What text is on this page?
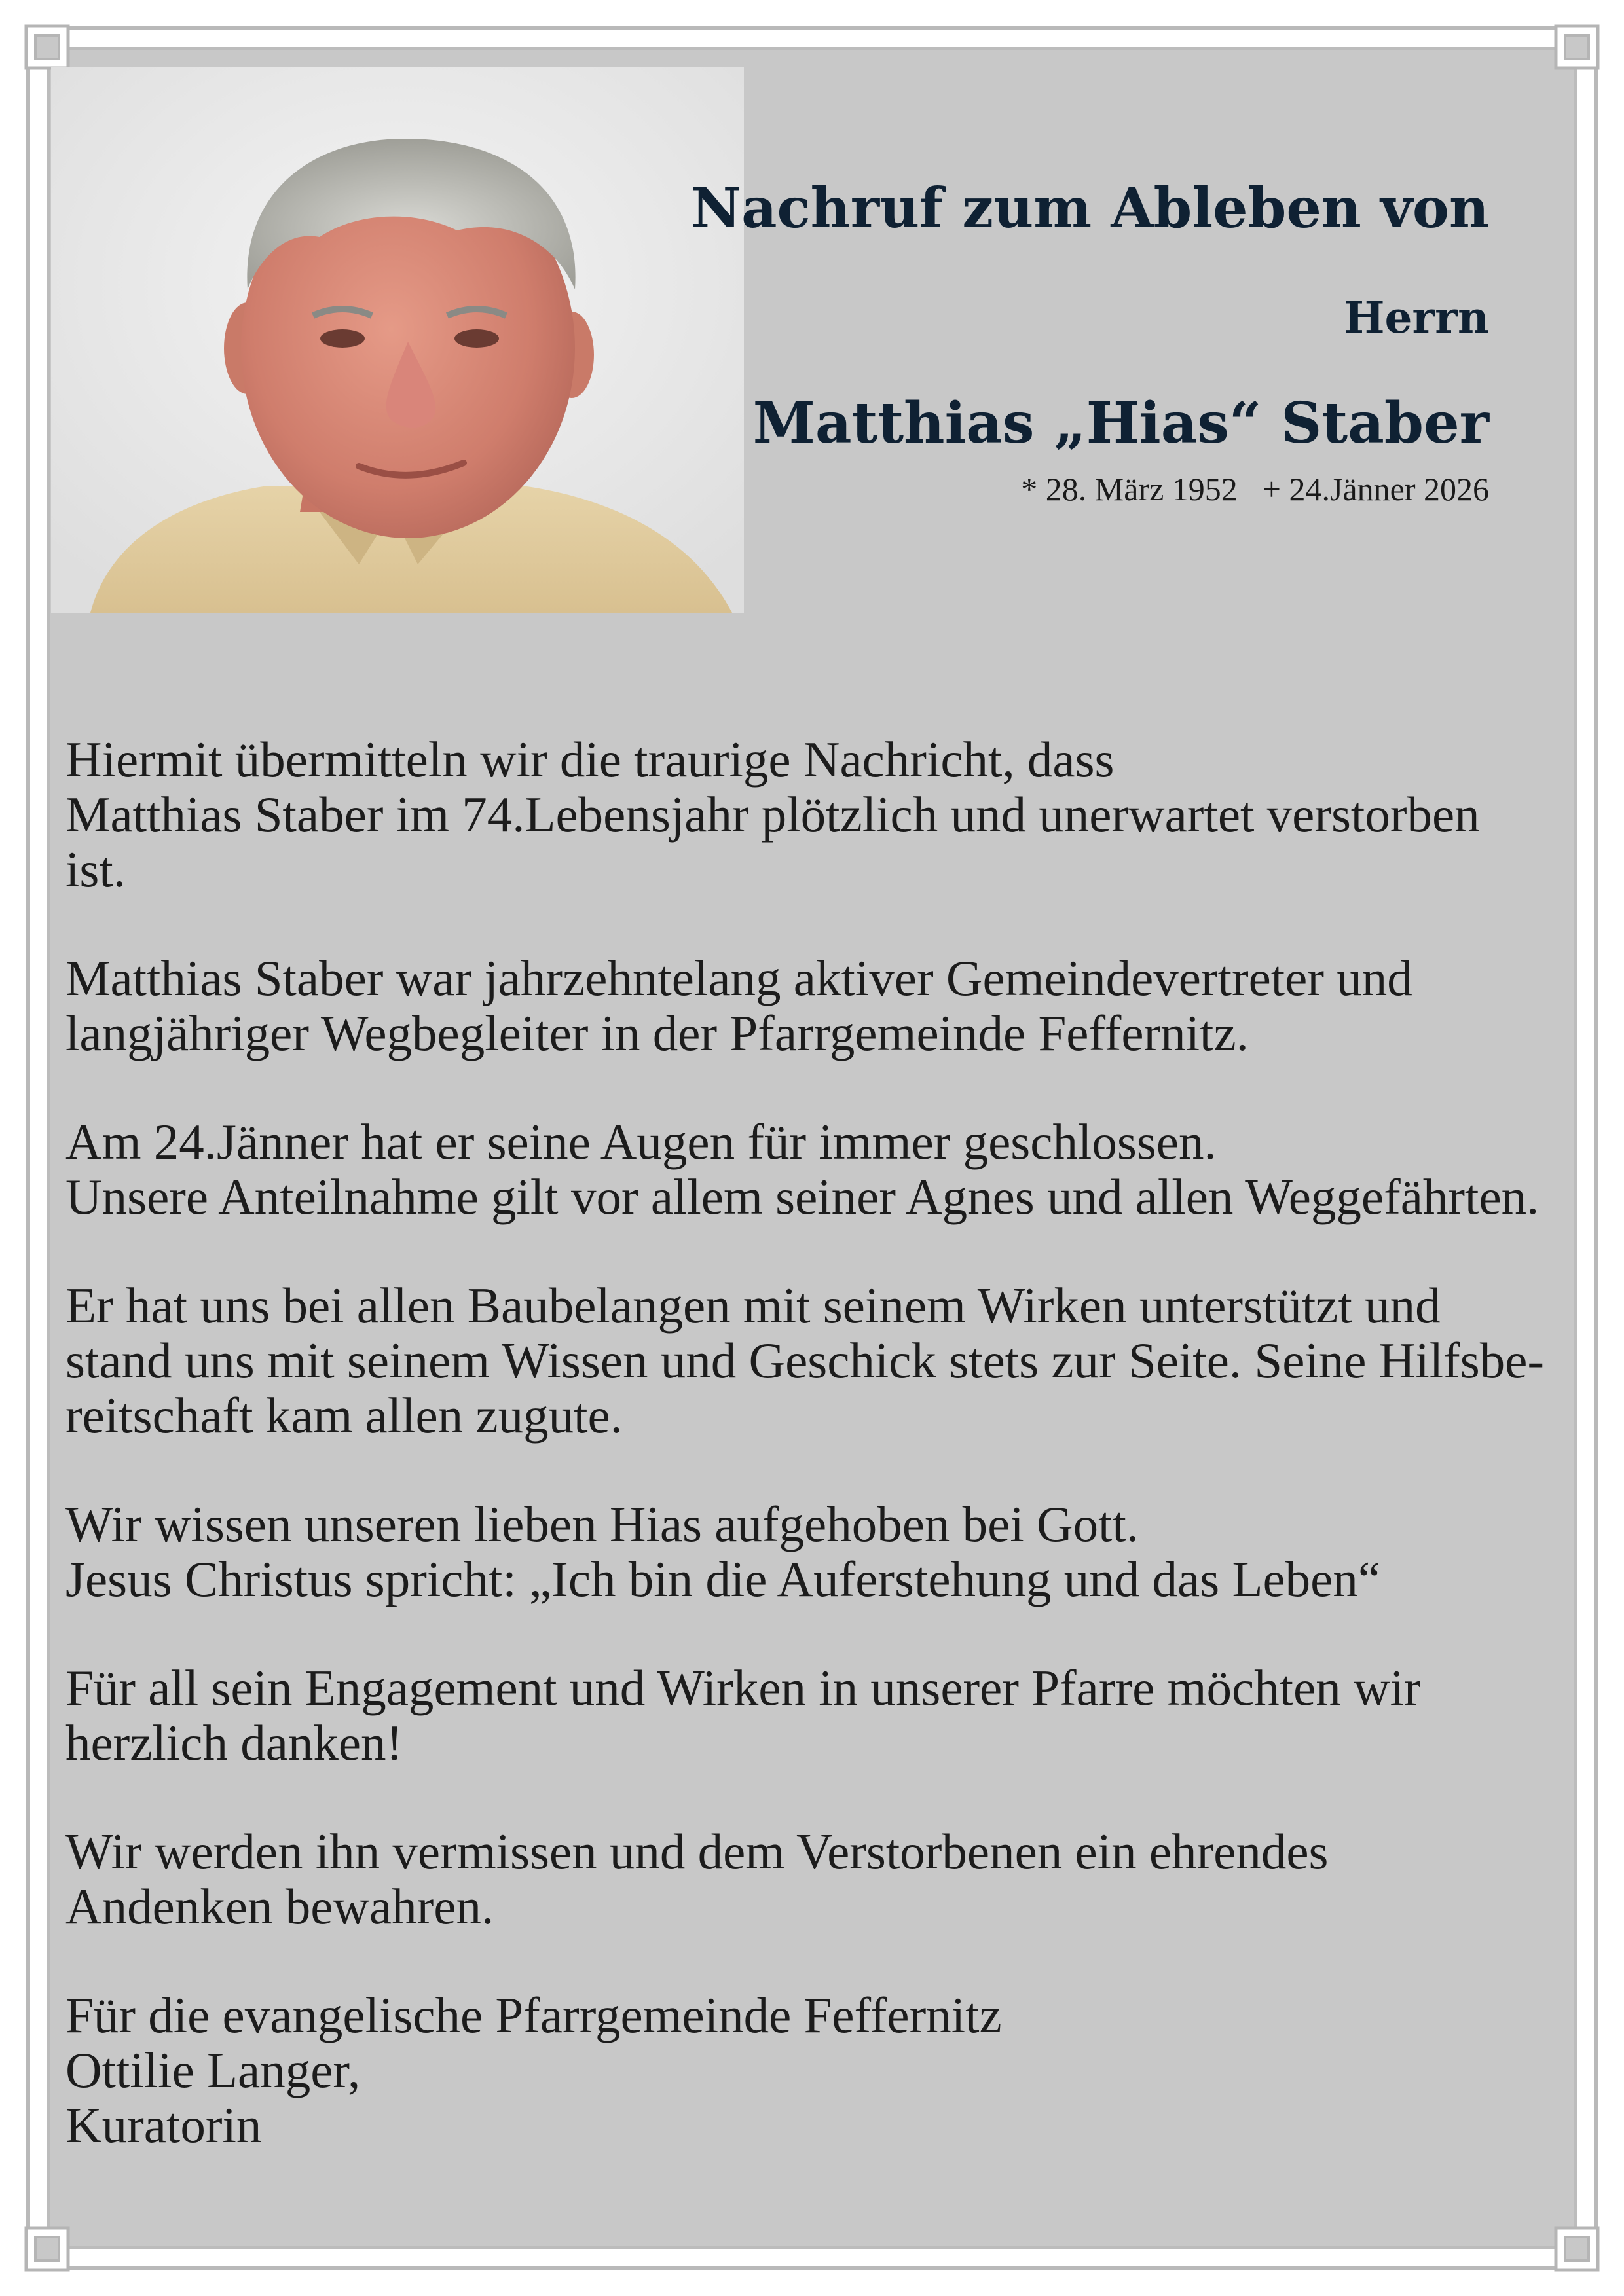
Nachruf zum Ableben von
Herrn
Matthias „Hias“ Staber
* 28. März 1952 + 24.Jänner 2026

Hiermit übermitteln wir die traurige Nachricht, dass
Matthias Staber im 74.Lebensjahr plötzlich und unerwartet verstorben
ist.

Matthias Staber war jahrzehntelang aktiver Gemeindevertreter und
langjähriger Wegbegleiter in der Pfarrgemeinde Feffernitz.

Am 24.Jänner hat er seine Augen für immer geschlossen.
Unsere Anteilnahme gilt vor allem seiner Agnes und allen Weggefährten.

Er hat uns bei allen Baubelangen mit seinem Wirken unterstützt und
stand uns mit seinem Wissen und Geschick stets zur Seite. Seine Hilfsbe-
reitschaft kam allen zugute.

Wir wissen unseren lieben Hias aufgehoben bei Gott.
Jesus Christus spricht: „Ich bin die Auferstehung und das Leben“

Für all sein Engagement und Wirken in unserer Pfarre möchten wir
herzlich danken!

Wir werden ihn vermissen und dem Verstorbenen ein ehrendes
Andenken bewahren.

Für die evangelische Pfarrgemeinde Feffernitz
Ottilie Langer,
Kuratorin
